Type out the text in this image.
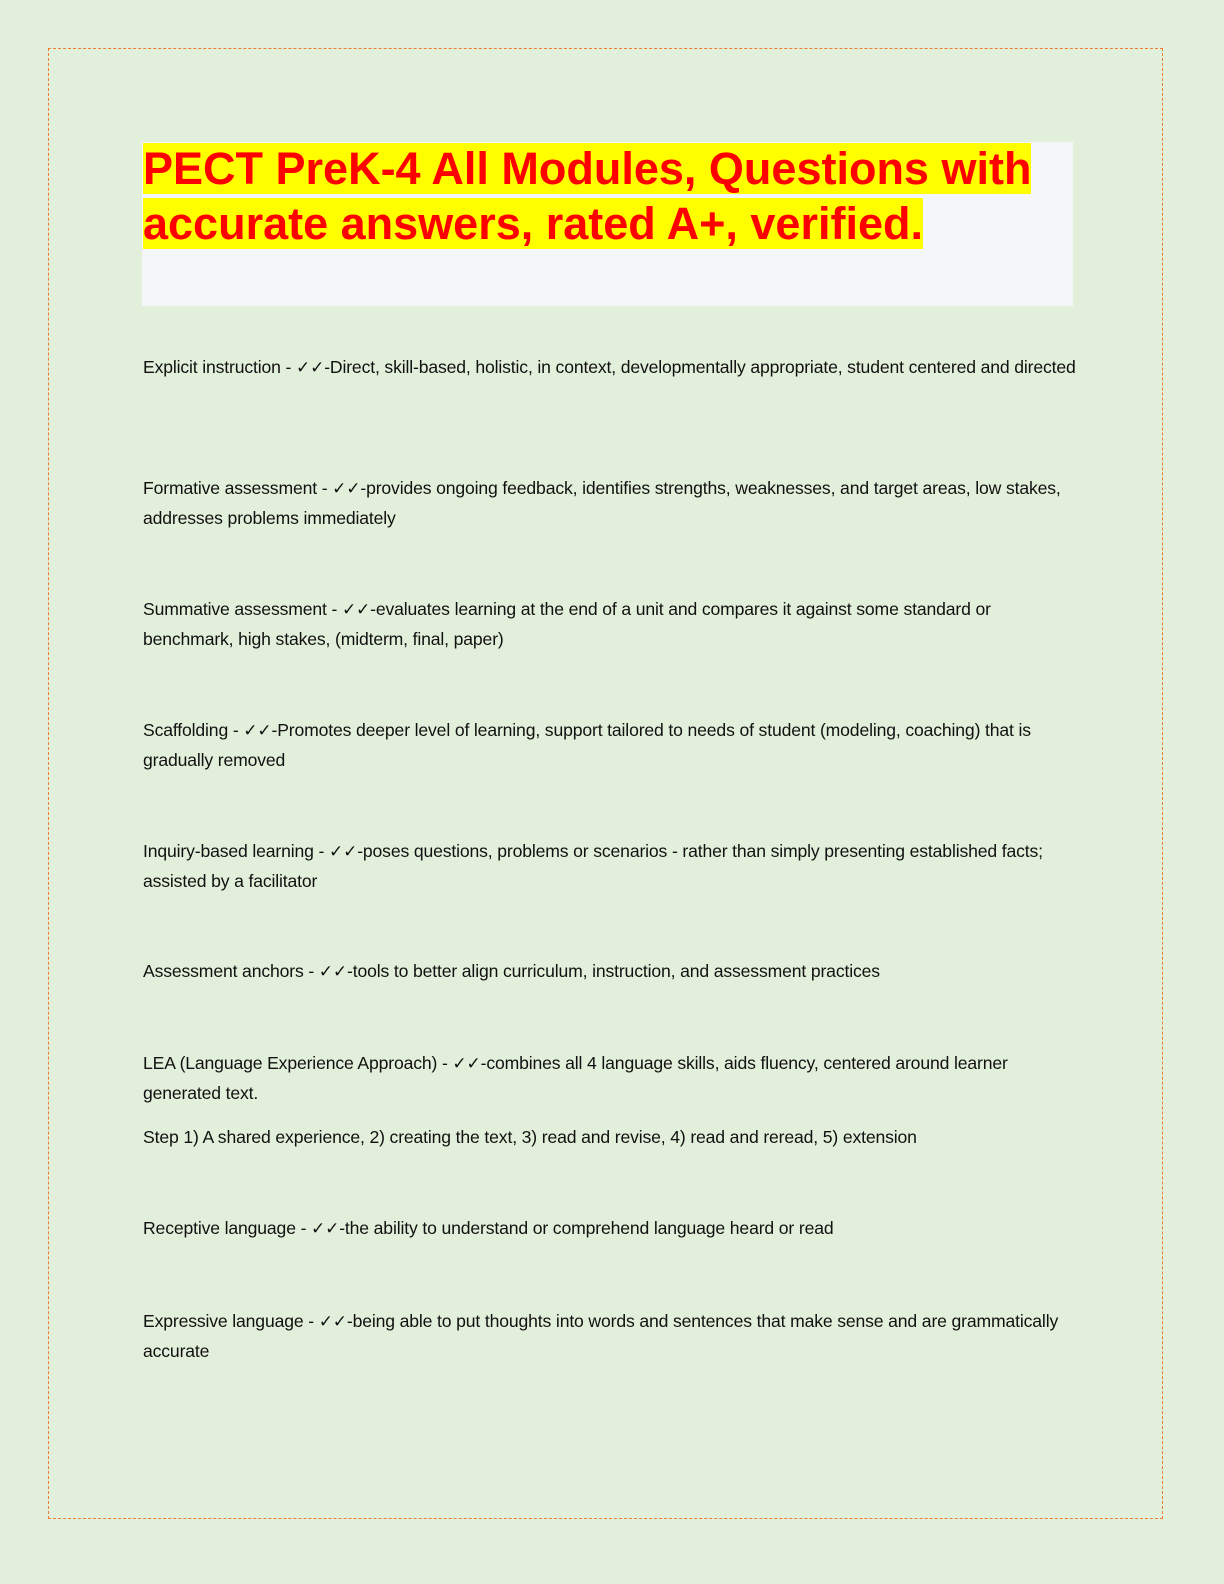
PECT PreK-4 All Modules, Questions with accurate answers, rated A+, verified.
Explicit instruction - ✓✓-Direct, skill-based, holistic, in context, developmentally appropriate, student centered and directed
Formative assessment - ✓✓-provides ongoing feedback, identifies strengths, weaknesses, and target areas, low stakes, addresses problems immediately
Summative assessment - ✓✓-evaluates learning at the end of a unit and compares it against some standard or benchmark, high stakes, (midterm, final, paper)
Scaffolding - ✓✓-Promotes deeper level of learning, support tailored to needs of student (modeling, coaching) that is gradually removed
Inquiry-based learning - ✓✓-poses questions, problems or scenarios - rather than simply presenting established facts; assisted by a facilitator
Assessment anchors - ✓✓-tools to better align curriculum, instruction, and assessment practices
LEA (Language Experience Approach) - ✓✓-combines all 4 language skills, aids fluency, centered around learner generated text.
Receptive language - ✓✓-the ability to understand or comprehend language heard or read
Expressive language - ✓✓-being able to put thoughts into words and sentences that make sense and are grammatically accurate
Step 1) A shared experience, 2) creating the text, 3) read and revise, 4) read and reread, 5) extension
